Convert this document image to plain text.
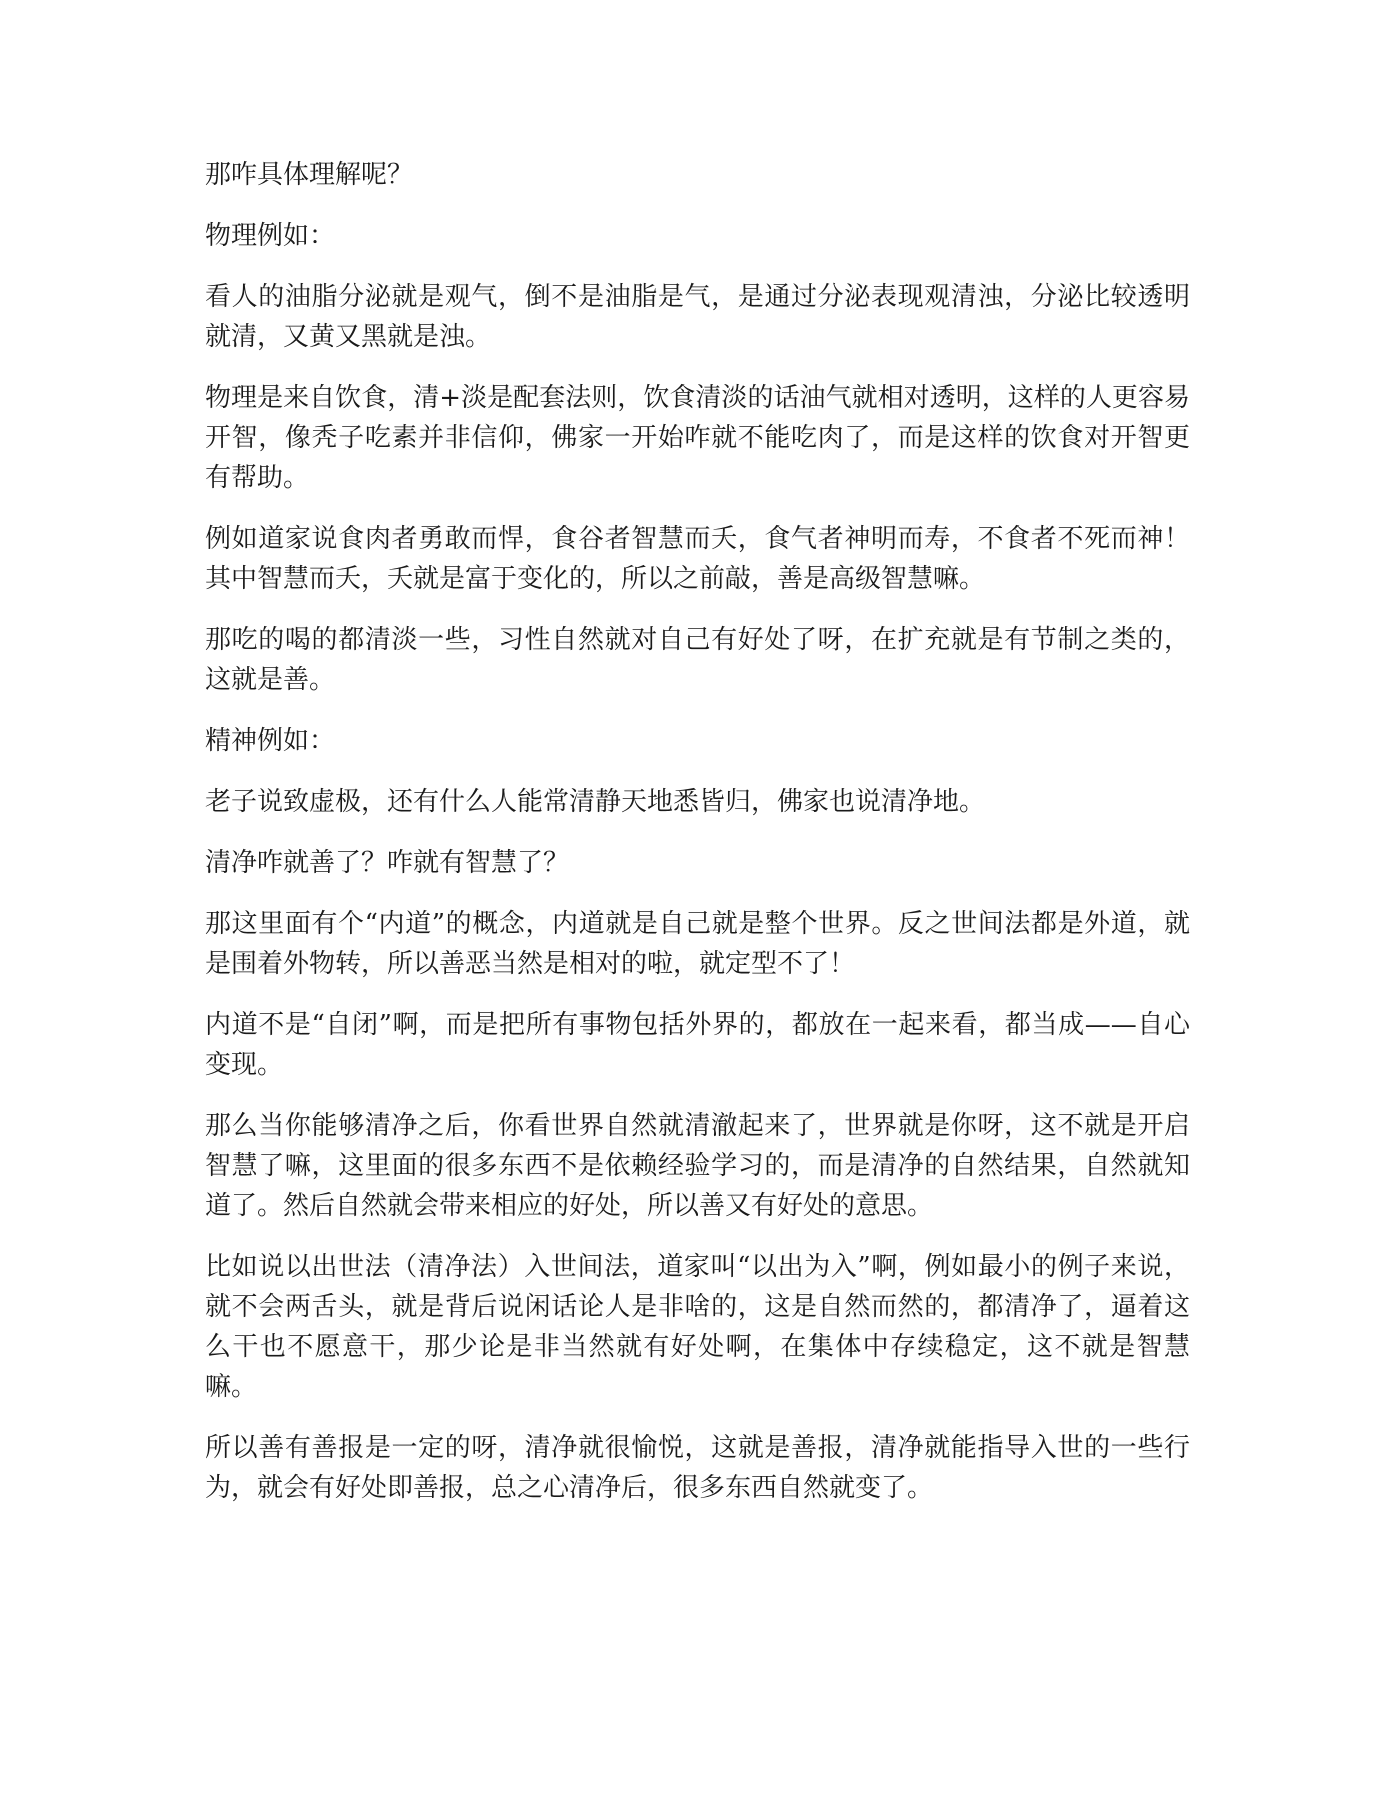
那咋具体理解呢？

物理例如：

看人的油脂分泌就是观气，倒不是油脂是气，是通过分泌表现观清浊，分泌比较透明就清，又黄又黑就是浊。

物理是来自饮食，清+淡是配套法则，饮食清淡的话油气就相对透明，这样的人更容易开智，像秃子吃素并非信仰，佛家一开始咋就不能吃肉了，而是这样的饮食对开智更有帮助。

例如道家说食肉者勇敢而悍，食谷者智慧而夭，食气者神明而寿，不食者不死而神！其中智慧而夭，夭就是富于变化的，所以之前敲，善是高级智慧嘛。

那吃的喝的都清淡一些，习性自然就对自己有好处了呀，在扩充就是有节制之类的，这就是善。

精神例如：

老子说致虚极，还有什么人能常清静天地悉皆归，佛家也说清净地。

清净咋就善了？咋就有智慧了？

那这里面有个“内道”的概念，内道就是自己就是整个世界。反之世间法都是外道，就是围着外物转，所以善恶当然是相对的啦，就定型不了！

内道不是“自闭”啊，而是把所有事物包括外界的，都放在一起来看，都当成——自心变现。

那么当你能够清净之后，你看世界自然就清澈起来了，世界就是你呀，这不就是开启智慧了嘛，这里面的很多东西不是依赖经验学习的，而是清净的自然结果，自然就知道了。然后自然就会带来相应的好处，所以善又有好处的意思。

比如说以出世法（清净法）入世间法，道家叫“以出为入”啊，例如最小的例子来说，就不会两舌头，就是背后说闲话论人是非啥的，这是自然而然的，都清净了，逼着这么干也不愿意干，那少论是非当然就有好处啊，在集体中存续稳定，这不就是智慧嘛。

所以善有善报是一定的呀，清净就很愉悦，这就是善报，清净就能指导入世的一些行为，就会有好处即善报，总之心清净后，很多东西自然就变了。
